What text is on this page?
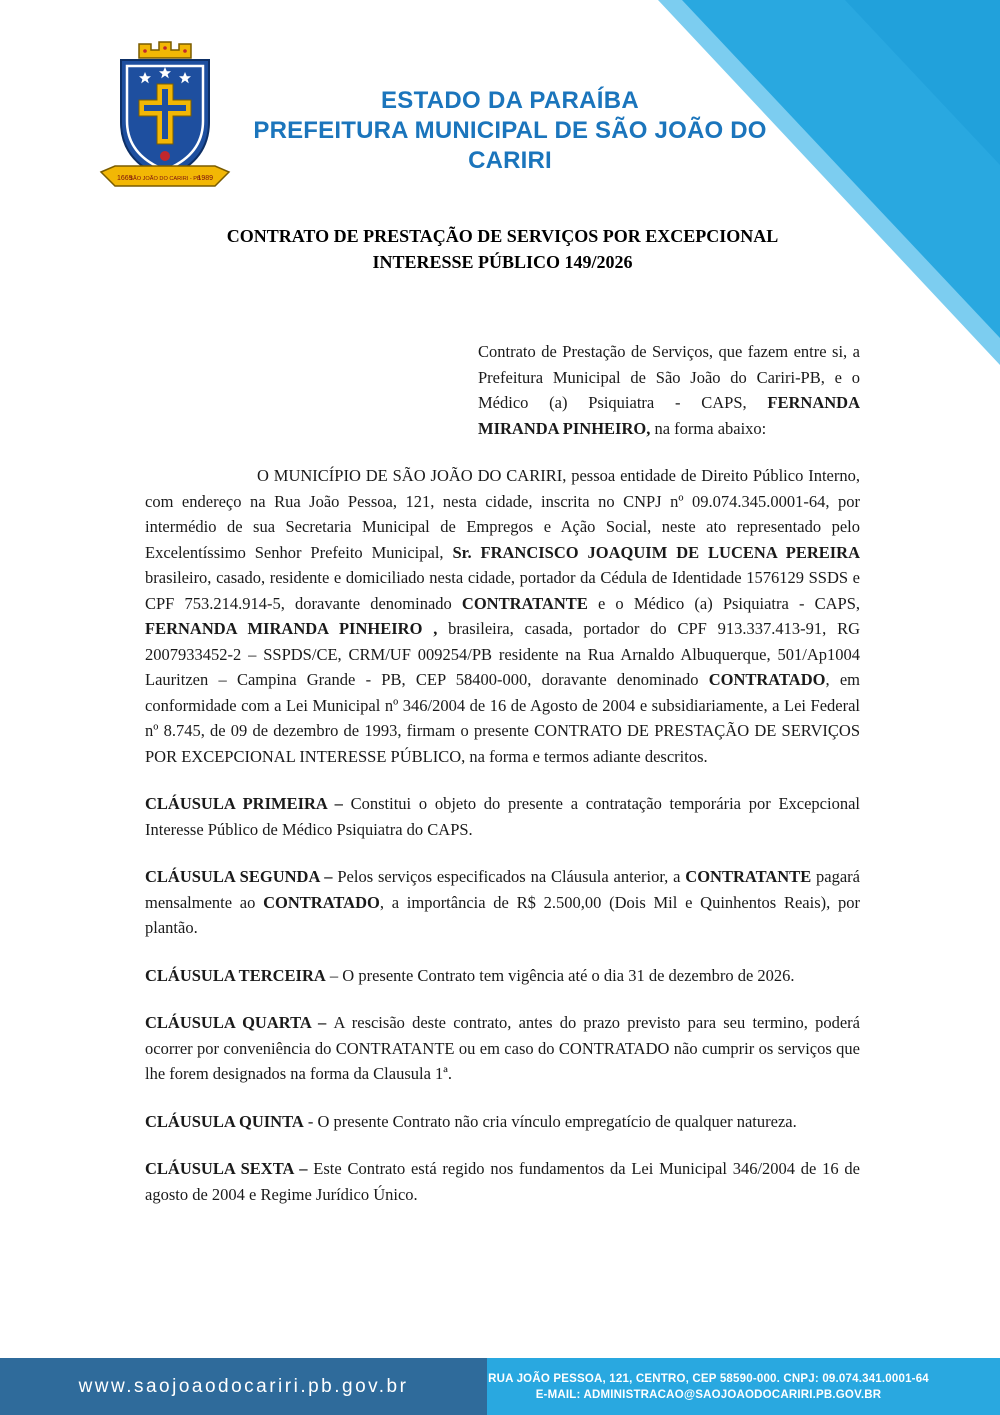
1669
SÃO JOÃO DO CARIRI - PB
1989
ESTADO DA PARAÍBA
PREFEITURA MUNICIPAL DE SÃO JOÃO DO CARIRI
CONTRATO DE PRESTAÇÃO DE SERVIÇOS POR EXCEPCIONAL
INTERESSE PÚBLICO 149/2026

Contrato de Prestação de Serviços, que fazem entre si, a Prefeitura Municipal de São João do Cariri-PB, e o Médico (a) Psiquiatra - CAPS, FERNANDA MIRANDA PINHEIRO, na forma abaixo:

O MUNICÍPIO DE SÃO JOÃO DO CARIRI, pessoa entidade de Direito Público Interno, com endereço na Rua João Pessoa, 121, nesta cidade, inscrita no CNPJ nº 09.074.345.0001-64, por intermédio de sua Secretaria Municipal de Empregos e Ação Social, neste ato representado pelo Excelentíssimo Senhor Prefeito Municipal, Sr. FRANCISCO JOAQUIM DE LUCENA PEREIRA brasileiro, casado, residente e domiciliado nesta cidade, portador da Cédula de Identidade 1576129 SSDS e CPF 753.214.914-5, doravante denominado CONTRATANTE e o Médico (a) Psiquiatra - CAPS, FERNANDA MIRANDA PINHEIRO , brasileira, casada, portador do CPF 913.337.413-91, RG 2007933452-2 – SSPDS/CE, CRM/UF 009254/PB residente na Rua Arnaldo Albuquerque, 501/Ap1004 Lauritzen – Campina Grande - PB, CEP 58400-000, doravante denominado CONTRATADO, em conformidade com a Lei Municipal nº 346/2004 de 16 de Agosto de 2004 e subsidiariamente, a Lei Federal nº 8.745, de 09 de dezembro de 1993, firmam o presente CONTRATO DE PRESTAÇÃO DE SERVIÇOS POR EXCEPCIONAL INTERESSE PÚBLICO, na forma e termos adiante descritos.

CLÁUSULA PRIMEIRA – Constitui o objeto do presente a contratação temporária por Excepcional Interesse Público de Médico Psiquiatra do CAPS.

CLÁUSULA SEGUNDA – Pelos serviços especificados na Cláusula anterior, a CONTRATANTE pagará mensalmente ao CONTRATADO, a importância de R$ 2.500,00 (Dois Mil e Quinhentos Reais), por plantão.

CLÁUSULA TERCEIRA – O presente Contrato tem vigência até o dia 31 de dezembro de 2026.

CLÁUSULA QUARTA – A rescisão deste contrato, antes do prazo previsto para seu termino, poderá ocorrer por conveniência do CONTRATANTE ou em caso do CONTRATADO não cumprir os serviços que lhe forem designados na forma da Clausula 1ª.

CLÁUSULA QUINTA - O presente Contrato não cria vínculo empregatício de qualquer natureza.

CLÁUSULA SEXTA – Este Contrato está regido nos fundamentos da Lei Municipal 346/2004 de 16 de agosto de 2004 e Regime Jurídico Único.

www.saojoaodocariri.pb.gov.br	RUA JOÃO PESSOA, 121, CENTRO, CEP 58590-000. CNPJ: 09.074.341.0001-64
E-MAIL: ADMINISTRACAO@SAOJOAODOCARIRI.PB.GOV.BR
